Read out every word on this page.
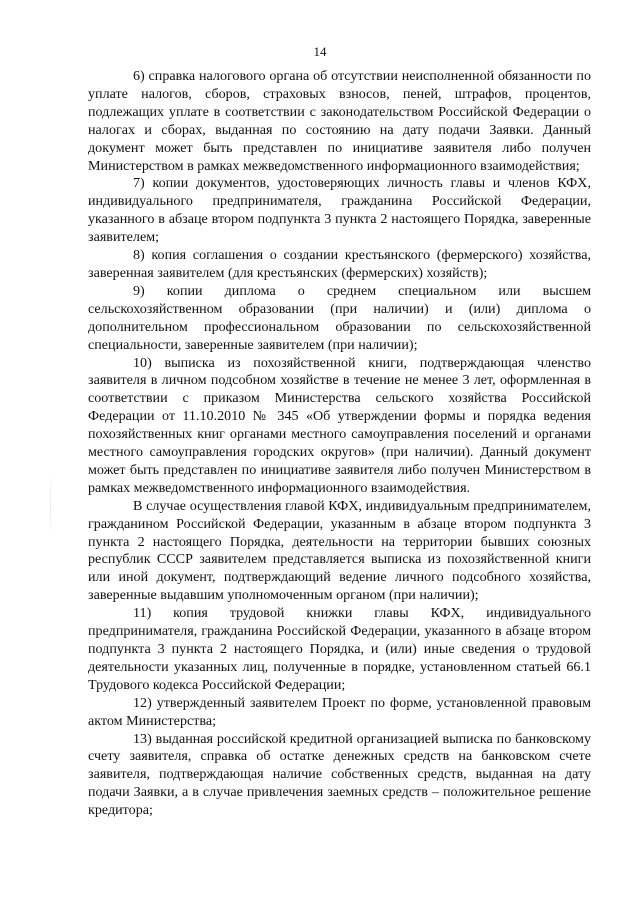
14

6) справка налогового органа об отсутствии неисполненной обязанности по уплате налогов, сборов, страховых взносов, пеней, штрафов, процентов, подлежащих уплате в соответствии с законодательством Российской Федерации о налогах и сборах, выданная по состоянию на дату подачи Заявки. Данный документ может быть представлен по инициативе заявителя либо получен Министерством в рамках межведомственного информационного взаимодействия;

7) копии документов, удостоверяющих личность главы и членов КФХ, индивидуального предпринимателя, гражданина Российской Федерации, указанного в абзаце втором подпункта 3 пункта 2 настоящего Порядка, заверенные заявителем;

8) копия соглашения о создании крестьянского (фермерского) хозяйства, заверенная заявителем (для крестьянских (фермерских) хозяйств);

9) копии диплома о среднем специальном или высшем сельскохозяйственном образовании (при наличии) и (или) диплома о дополнительном профессиональном образовании по сельскохозяйственной специальности, заверенные заявителем (при наличии);

10) выписка из похозяйственной книги, подтверждающая членство заявителя в личном подсобном хозяйстве в течение не менее 3 лет, оформленная в соответствии с приказом Министерства сельского хозяйства Российской Федерации от 11.10.2010 № 345 «Об утверждении формы и порядка ведения похозяйственных книг органами местного самоуправления поселений и органами местного самоуправления городских округов» (при наличии). Данный документ может быть представлен по инициативе заявителя либо получен Министерством в рамках межведомственного информационного взаимодействия.

В случае осуществления главой КФХ, индивидуальным предпринимателем, гражданином Российской Федерации, указанным в абзаце втором подпункта 3 пункта 2 настоящего Порядка, деятельности на территории бывших союзных республик СССР заявителем представляется выписка из похозяйственной книги или иной документ, подтверждающий ведение личного подсобного хозяйства, заверенные выдавшим уполномоченным органом (при наличии);

11) копия трудовой книжки главы КФХ, индивидуального предпринимателя, гражданина Российской Федерации, указанного в абзаце втором подпункта 3 пункта 2 настоящего Порядка, и (или) иные сведения о трудовой деятельности указанных лиц, полученные в порядке, установленном статьей 66.1 Трудового кодекса Российской Федерации;

12) утвержденный заявителем Проект по форме, установленной правовым актом Министерства;

13) выданная российской кредитной организацией выписка по банковскому счету заявителя, справка об остатке денежных средств на банковском счете заявителя, подтверждающая наличие собственных средств, выданная на дату подачи Заявки, а в случае привлечения заемных средств – положительное решение кредитора;
